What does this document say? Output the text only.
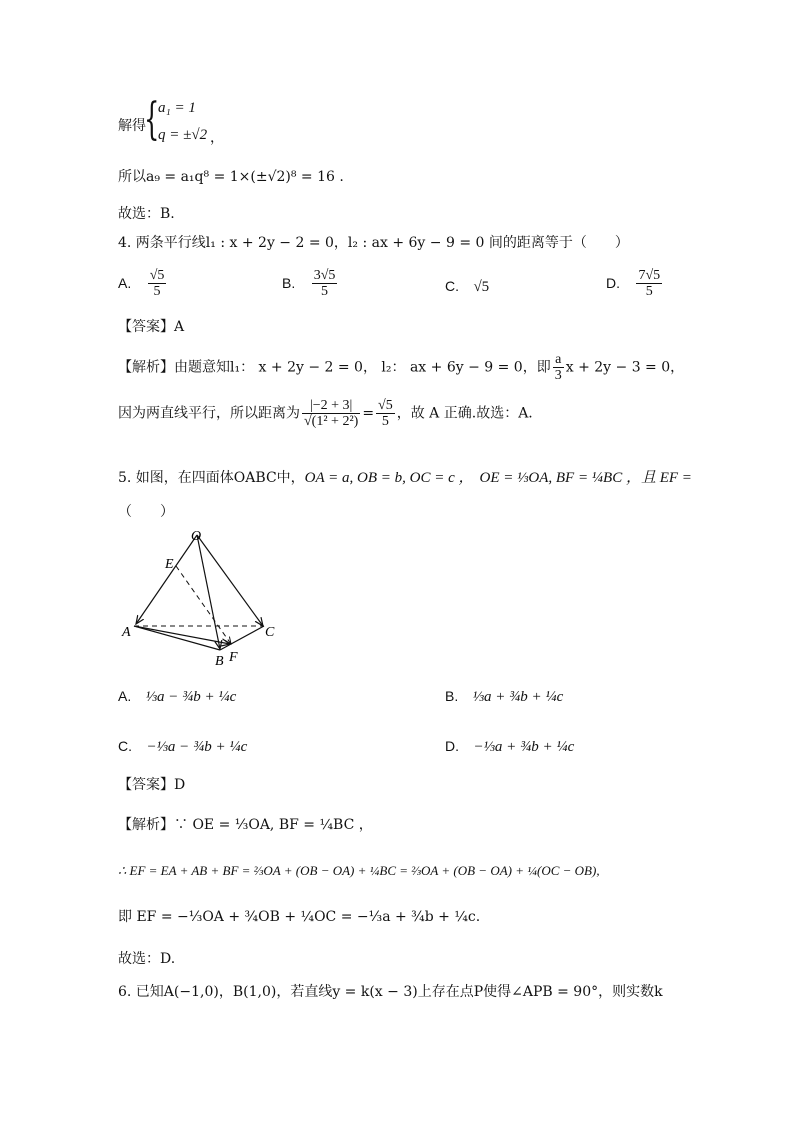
解得
{
a₁ = 1
q = ±√2 ，
所以a₉ = a₁q⁸ = 1×(±√2)⁸ = 16 .
故选：B.
4. 两条平行线l₁ : x + 2y − 2 = 0，l₂ : ax + 6y − 9 = 0 间的距离等于（　　）
A. $\frac{√5}{5}$	B. $\frac{3√5}{5}$	C. √5	D. $\frac{7√5}{5}$
【答案】A
【解析】由题意知l₁： x + 2y − 2 = 0， l₂： ax + 6y − 9 = 0，即 $\frac{a}{3}$ x + 2y − 3 = 0，
因为两直线平行，所以距离为 $\frac{|-2 + 3|}{\text{√(1² + 2²)}} = \frac{√5}{5}$ ，故 A 正确.故选：A.
5. 如图，在四面体OABC中，OA = a, OB = b, OC = c ， OE = ⅓OA, BF = ¼BC ，且 EF =
（　　）
O
E
A	C
B F
A. ⅓a − ¾b + ¼c	B. ⅓a + ¾b + ¼c
C. −⅓a − ¾b + ¼c	D. −⅓a + ¾b + ¼c
【答案】D
【解析】∵ OE = ⅓OA, BF = ¼BC ，
∴ EF = EA + AB + BF = ⅔OA + (OB − OA) + ¼BC = ⅔OA + (OB − OA) + ¼(OC − OB),
即 EF = −⅓OA + ¾OB + ¼OC = −⅓a + ¾b + ¼c.
故选：D.
6. 已知A(−1,0)，B(1,0)，若直线y = k(x − 3)上存在点P使得∠APB = 90°，则实数k
